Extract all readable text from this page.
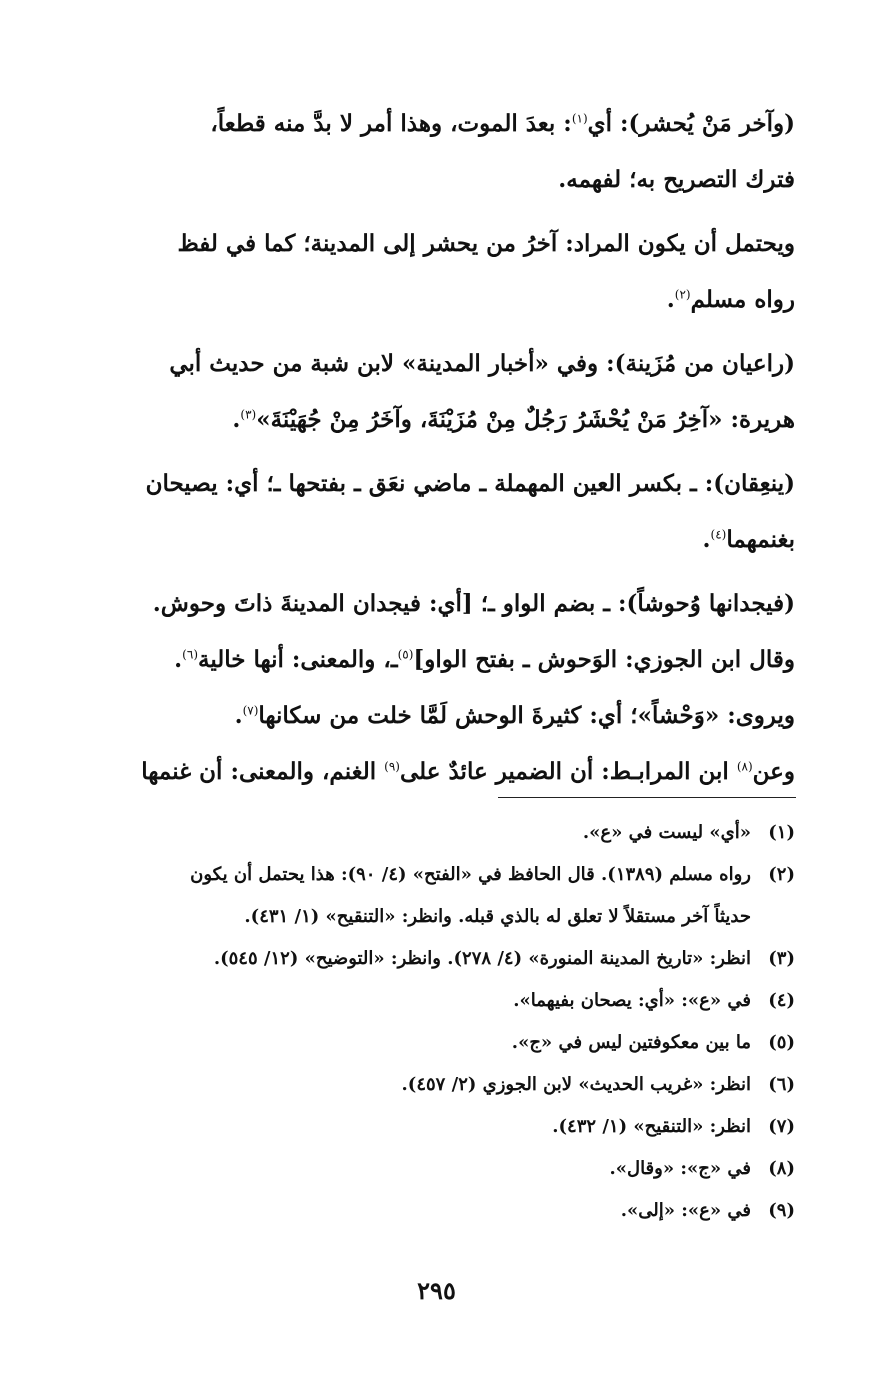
(وآخر مَنْ يُحشر): أي$^{(١)}$: بعدَ الموت، وهذا أمر لا بدَّ منه قطعاً،
فترك التصريح به؛ لفهمه.
ويحتمل أن يكون المراد: آخرُ من يحشر إلى المدينة؛ كما في لفظ
رواه مسلم$^{(٢)}$.
(راعيان من مُزَينة): وفي «أخبار المدينة» لابن شبة من حديث أبي
هريرة: «آخِرُ مَنْ يُحْشَرُ رَجُلٌ مِنْ مُزَيْنَةَ، وآخَرُ مِنْ جُهَيْنَةَ»$^{(٣)}$.
(ينعِقان): ـ بكسر العين المهملة ـ ماضي نعَق ـ بفتحها ـ؛ أي: يصيحان
بغنمهما$^{(٤)}$.
(فيجدانها وُحوشاً): ـ بضم الواو ـ؛ [أي: فيجدان المدينةَ ذاتَ وحوش.
وقال ابن الجوزي: الوَحوش ـ بفتح الواو]$^{(٥)}$ـ، والمعنى: أنها خالية$^{(٦)}$.
ويروى: «وَحْشاً»؛ أي: كثيرةَ الوحش لَمَّا خلت من سكانها$^{(٧)}$.
وعن$^{(٨)}$ ابن المرابـط: أن الضمير عائدٌ على$^{(٩)}$ الغنم، والمعنى: أن غنمها
(١)
«أي» ليست في «ع».
(٢)
رواه مسلم (١٣٨٩). قال الحافظ في «الفتح» (٤/ ٩٠): هذا يحتمل أن يكون
حديثاً آخر مستقلاً لا تعلق له بالذي قبله. وانظر: «التنقيح» (١/ ٤٣١).
(٣)
انظر: «تاريخ المدينة المنورة» (٤/ ٢٧٨). وانظر: «التوضيح» (١٢/ ٥٤٥).
(٤)
في «ع»: «أي: يصحان بفيهما».
(٥)
ما بين معكوفتين ليس في «ج».
(٦)
انظر: «غريب الحديث» لابن الجوزي (٢/ ٤٥٧).
(٧)
انظر: «التنقيح» (١/ ٤٣٢).
(٨)
في «ج»: «وقال».
(٩)
في «ع»: «إلى».
٢٩٥
